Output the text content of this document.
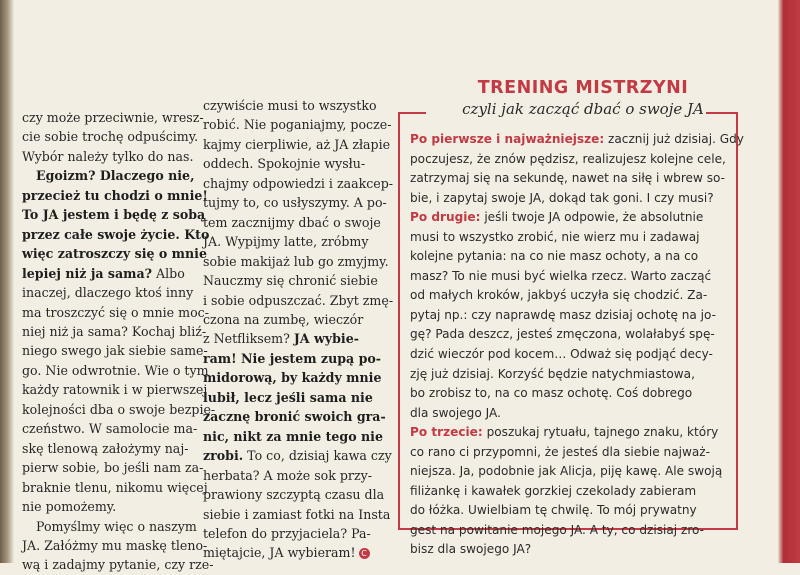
czy może przeciwnie, wresz-
cie sobie trochę odpuścimy.
Wybór należy tylko do nas.

Egoizm? Dlaczego nie,
przecież tu chodzi o mnie!
To JA jestem i będę z sobą
przez całe swoje życie. Kto
więc zatroszczy się o mnie
lepiej niż ja sama? Albo
inaczej, dlaczego ktoś inny
ma troszczyć się o mnie moc-
niej niż ja sama? Kochaj bliź-
niego swego jak siebie same-
go. Nie odwrotnie. Wie o tym
każdy ratownik i w pierwszej
kolejności dba o swoje bezpie-
czeństwo. W samolocie ma-
skę tlenową założymy naj-
pierw sobie, bo jeśli nam za-
braknie tlenu, nikomu więcej
nie pomożemy.

Pomyślmy więc o naszym
JA. Załóżmy mu maskę tleno-
wą i zadajmy pytanie, czy rze-

czywiście musi to wszystko
robić. Nie poganiajmy, pocze-
kajmy cierpliwie, aż JA złapie
oddech. Spokojnie wysłu-
chajmy odpowiedzi i zaakcep-
tujmy to, co usłyszymy. A po-
tem zacznijmy dbać o swoje
JA. Wypijmy latte, zróbmy
sobie makijaż lub go zmyjmy.
Nauczmy się chronić siebie
i sobie odpuszczać. Zbyt zmę-
czona na zumbę, wieczór
z Netfliksem? JA wybie-
ram! Nie jestem zupą po-
midorową, by każdy mnie
lubił, lecz jeśli sama nie
zacznę bronić swoich gra-
nic, nikt za mnie tego nie
zrobi. To co, dzisiaj kawa czy
herbata? A może sok przy-
prawiony szczyptą czasu dla
siebie i zamiast fotki na Insta
telefon do przyjaciela? Pa-
miętajcie, JA wybieram! C

TRENING MISTRZYNI
czyli jak zacząć dbać o swoje JA

Po pierwsze i najważniejsze: zacznij już dzisiaj. Gdy
poczujesz, że znów pędzisz, realizujesz kolejne cele,
zatrzymaj się na sekundę, nawet na siłę i wbrew so-
bie, i zapytaj swoje JA, dokąd tak goni. I czy musi?

Po drugie: jeśli twoje JA odpowie, że absolutnie
musi to wszystko zrobić, nie wierz mu i zadawaj
kolejne pytania: na co nie masz ochoty, a na co
masz? To nie musi być wielka rzecz. Warto zacząć
od małych kroków, jakbyś uczyła się chodzić. Za-
pytaj np.: czy naprawdę masz dzisiaj ochotę na jo-
gę? Pada deszcz, jesteś zmęczona, wolałabyś spę-
dzić wieczór pod kocem… Odważ się podjąć decy-
zję już dzisiaj. Korzyść będzie natychmiastowa,
bo zrobisz to, na co masz ochotę. Coś dobrego
dla swojego JA.

Po trzecie: poszukaj rytuału, tajnego znaku, który
co rano ci przypomni, że jesteś dla siebie najważ-
niejsza. Ja, podobnie jak Alicja, piję kawę. Ale swoją
filiżankę i kawałek gorzkiej czekolady zabieram
do łóżka. Uwielbiam tę chwilę. To mój prywatny
gest na powitanie mojego JA. A ty, co dzisiaj zro-
bisz dla swojego JA?
